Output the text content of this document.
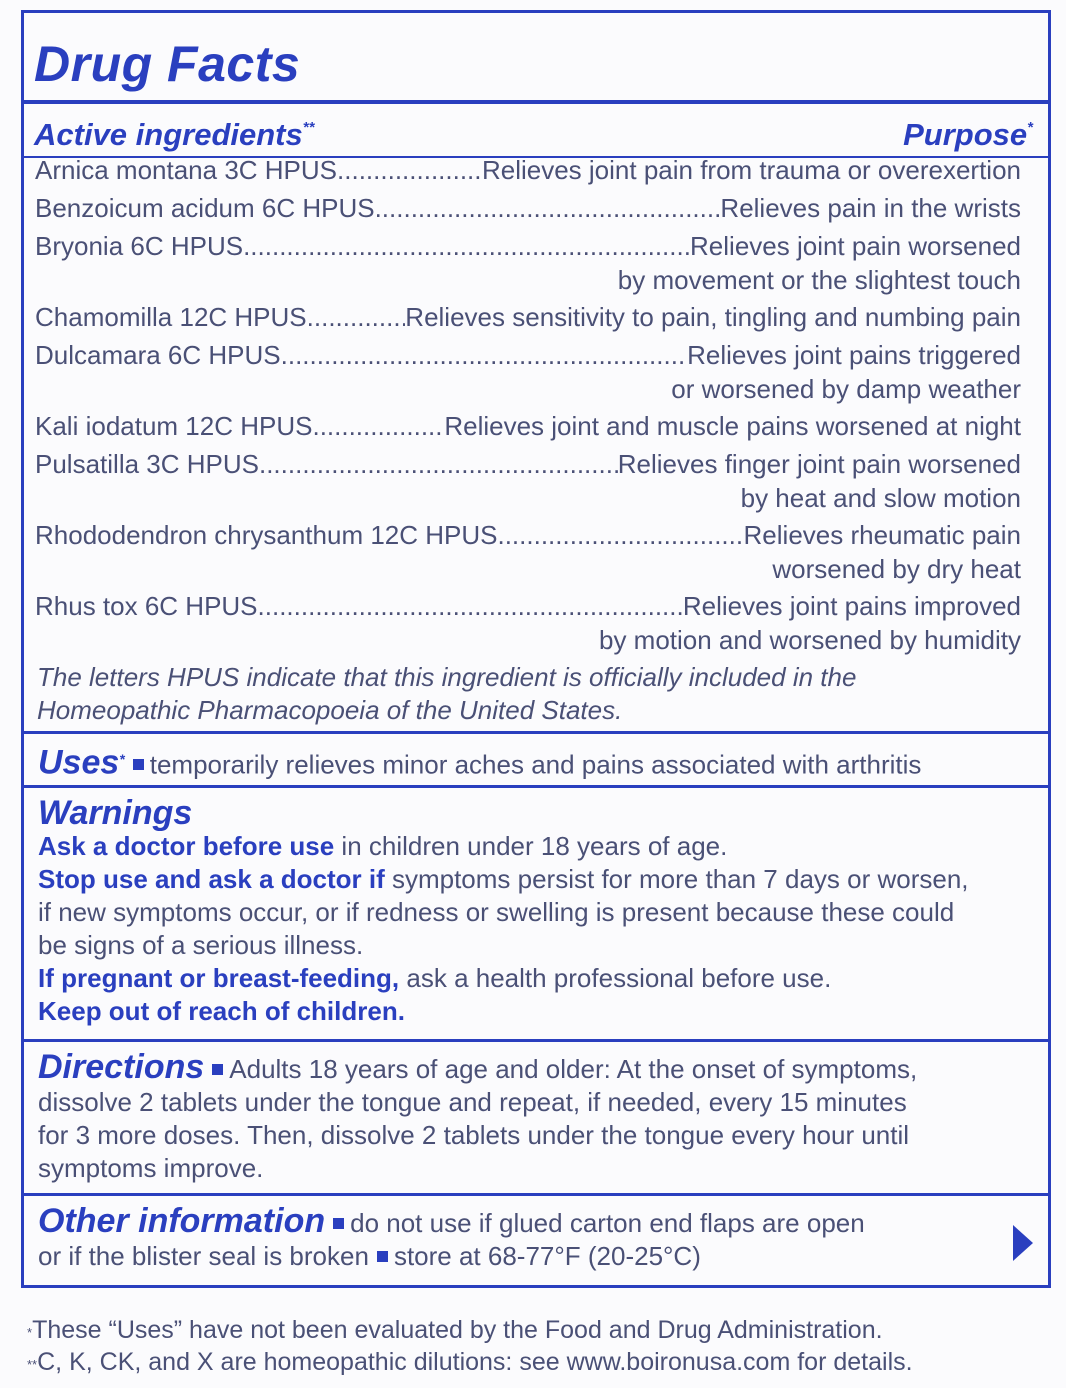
Drug Facts
Active ingredients**	Purpose*
Arnica montana 3C HPUS .....	Relieves joint pain from trauma or overexertion
Benzoicum acidum 6C HPUS .....	Relieves pain in the wrists
Bryonia 6C HPUS .....	Relieves joint pain worsened
by movement or the slightest touch
Chamomilla 12C HPUS .....	Relieves sensitivity to pain, tingling and numbing pain
Dulcamara 6C HPUS .....	Relieves joint pains triggered
or worsened by damp weather
Kali iodatum 12C HPUS .....	Relieves joint and muscle pains worsened at night
Pulsatilla 3C HPUS .....	Relieves finger joint pain worsened
by heat and slow motion
Rhododendron chrysanthum 12C HPUS .....	Relieves rheumatic pain
worsened by dry heat
Rhus tox 6C HPUS .....	Relieves joint pains improved
by motion and worsened by humidity
The letters HPUS indicate that this ingredient is officially included in the
Homeopathic Pharmacopoeia of the United States.
Uses* temporarily relieves minor aches and pains associated with arthritis
Warnings
Ask a doctor before use in children under 18 years of age.
Stop use and ask a doctor if symptoms persist for more than 7 days or worsen,
if new symptoms occur, or if redness or swelling is present because these could
be signs of a serious illness.
If pregnant or breast-feeding, ask a health professional before use.
Keep out of reach of children.
Directions Adults 18 years of age and older: At the onset of symptoms,
dissolve 2 tablets under the tongue and repeat, if needed, every 15 minutes
for 3 more doses. Then, dissolve 2 tablets under the tongue every hour until
symptoms improve.
Other information do not use if glued carton end flaps are open
or if the blister seal is broken store at 68-77°F (20-25°C)
*These “Uses” have not been evaluated by the Food and Drug Administration.
**C, K, CK, and X are homeopathic dilutions: see www.boironusa.com for details.
